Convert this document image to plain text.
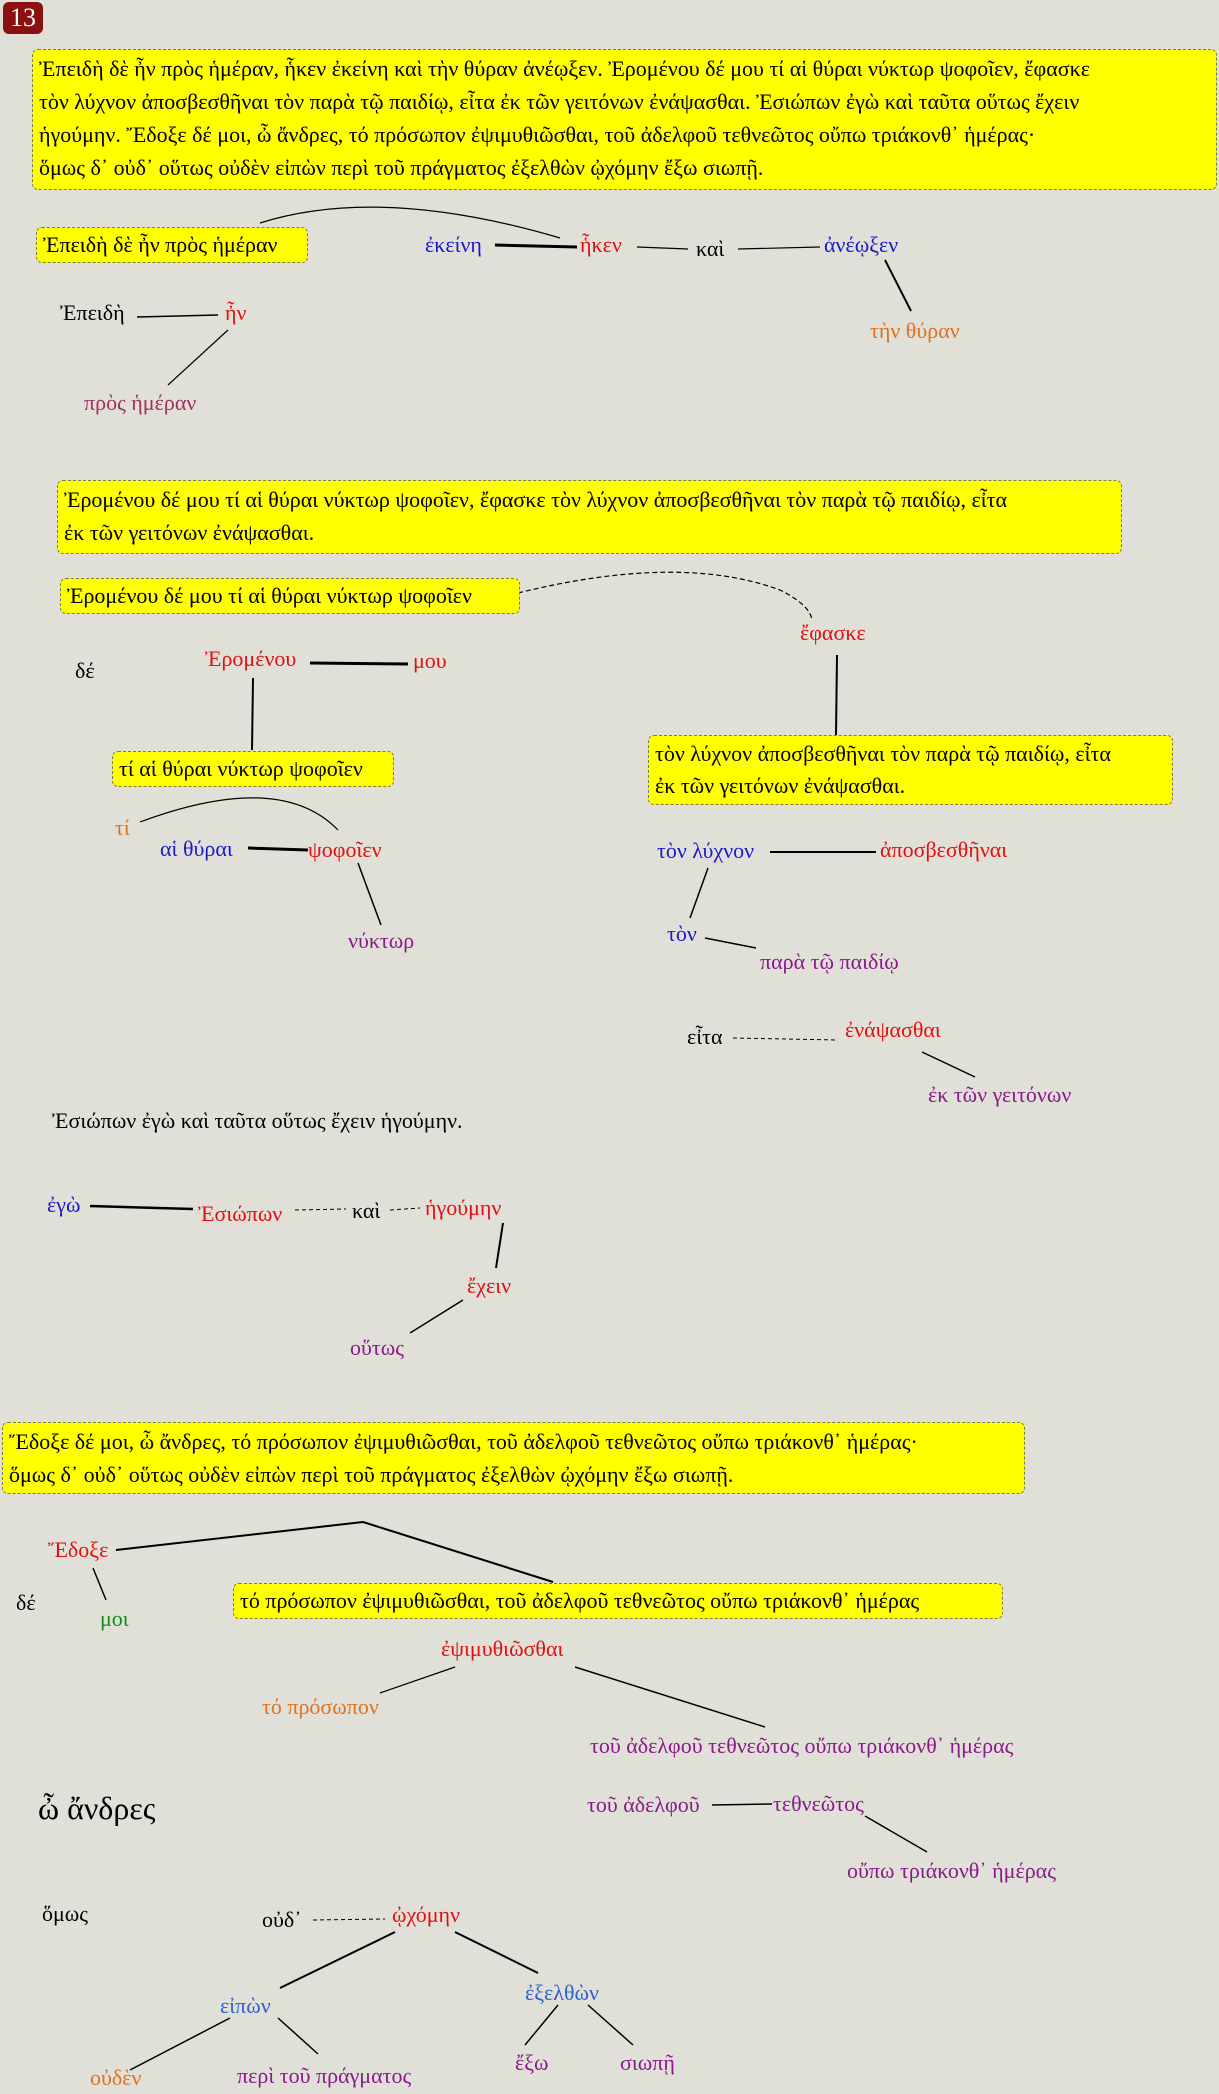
13
Ἐπειδὴ δὲ ἦν πρὸς ἡμέραν, ἧκεν ἐκείνη καὶ τὴν θύραν ἀνέῳξεν. Ἐρομένου δέ μου τί αἱ θύραι νύκτωρ ψοφοῖεν, ἔφασκε
τὸν λύχνον ἀποσβεσθῆναι τὸν παρὰ τῷ παιδίῳ, εἶτα ἐκ τῶν γειτόνων ἐνάψασθαι. Ἐσιώπων ἐγὼ καὶ ταῦτα οὕτως ἔχειν
ἡγούμην. Ἔδοξε δέ μοι, ὦ ἄνδρες, τό πρόσωπον ἐψιμυθιῶσθαι, τοῦ ἀδελφοῦ τεθνεῶτος οὔπω τριάκονθ᾽ ἡμέρας·
ὅμως δ᾽ οὐδ᾽ οὕτως οὐδὲν εἰπὼν περὶ τοῦ πράγματος ἐξελθὼν ᾠχόμην ἔξω σιωπῇ.
Ἐπειδὴ δὲ ἦν πρὸς ἡμέραν	ἐκείνη	ἧκεν	καὶ	ἀνέῳξεν
τὴν θύραν
Ἐπειδὴ	ἦν
πρὸς ἡμέραν
Ἐρομένου δέ μου τί αἱ θύραι νύκτωρ ψοφοῖεν, ἔφασκε τὸν λύχνον ἀποσβεσθῆναι τὸν παρὰ τῷ παιδίῳ, εἶτα
ἐκ τῶν γειτόνων ἐνάψασθαι.
Ἐρομένου δέ μου τί αἱ θύραι νύκτωρ ψοφοῖεν
δέ	Ἐρομένου	μου
ἔφασκε
τί αἱ θύραι νύκτωρ ψοφοῖεν
τί
αἱ θύραι	ψοφοῖεν
νύκτωρ
τὸν λύχνον ἀποσβεσθῆναι τὸν παρὰ τῷ παιδίῳ, εἶτα
ἐκ τῶν γειτόνων ἐνάψασθαι.
τὸν λύχνον	ἀποσβεσθῆναι
τὸν
παρὰ τῷ παιδίῳ
εἶτα	ἐνάψασθαι
ἐκ τῶν γειτόνων
Ἐσιώπων ἐγὼ καὶ ταῦτα οὕτως ἔχειν ἡγούμην.
ἐγὼ	Ἐσιώπων	καὶ ἡγούμην
ἔχειν
οὕτως
Ἔδοξε δέ μοι, ὦ ἄνδρες, τό πρόσωπον ἐψιμυθιῶσθαι, τοῦ ἀδελφοῦ τεθνεῶτος οὔπω τριάκονθ᾽ ἡμέρας·
ὅμως δ᾽ οὐδ᾽ οὕτως οὐδὲν εἰπὼν περὶ τοῦ πράγματος ἐξελθὼν ᾠχόμην ἔξω σιωπῇ.
Ἔδοξε
δέ
μοι
τό πρόσωπον ἐψιμυθιῶσθαι, τοῦ ἀδελφοῦ τεθνεῶτος οὔπω τριάκονθ᾽ ἡμέρας
ἐψιμυθιῶσθαι
τό πρόσωπον
τοῦ ἀδελφοῦ τεθνεῶτος οὔπω τριάκονθ᾽ ἡμέρας
ὦ ἄνδρες	τοῦ ἀδελφοῦ	τεθνεῶτος
οὔπω τριάκονθ᾽ ἡμέρας
ὅμως	οὐδ᾽	ᾠχόμην
εἰπὼν
ἐξελθὼν
οὐδὲν	περὶ τοῦ πράγματος
ἔξω	σιωπῇ
